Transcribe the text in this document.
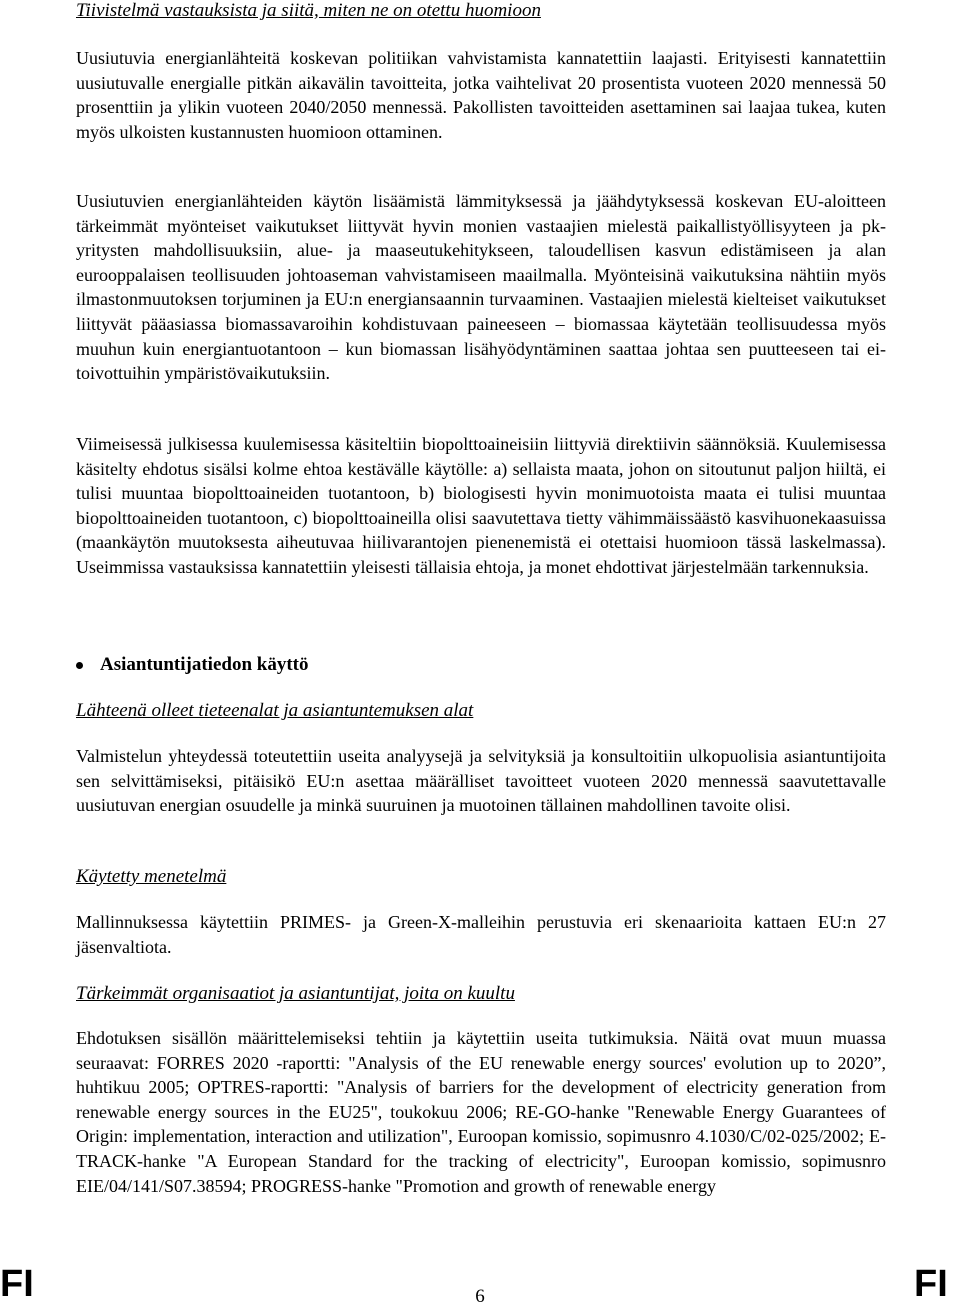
Tiivistelmä vastauksista ja siitä, miten ne on otettu huomioon

Uusiutuvia energianlähteitä koskevan politiikan vahvistamista kannatettiin laajasti. Erityisesti kannatettiin uusiutuvalle energialle pitkän aikavälin tavoitteita, jotka vaihtelivat 20 prosentista vuoteen 2020 mennessä 50 prosenttiin ja ylikin vuoteen 2040/2050 mennessä. Pakollisten tavoitteiden asettaminen sai laajaa tukea, kuten myös ulkoisten kustannusten huomioon ottaminen.

Uusiutuvien energianlähteiden käytön lisäämistä lämmityksessä ja jäähdytyksessä koskevan EU-aloitteen tärkeimmät myönteiset vaikutukset liittyvät hyvin monien vastaajien mielestä paikallistyöllisyyteen ja pk-yritysten mahdollisuuksiin, alue- ja maaseutukehitykseen, taloudellisen kasvun edistämiseen ja alan eurooppalaisen teollisuuden johtoaseman vahvistamiseen maailmalla. Myönteisinä vaikutuksina nähtiin myös ilmastonmuutoksen torjuminen ja EU:n energiansaannin turvaaminen. Vastaajien mielestä kielteiset vaikutukset liittyvät pääasiassa biomassavaroihin kohdistuvaan paineeseen – biomassaa käytetään teollisuudessa myös muuhun kuin energiantuotantoon – kun biomassan lisähyödyntäminen saattaa johtaa sen puutteeseen tai ei-toivottuihin ympäristövaikutuksiin.

Viimeisessä julkisessa kuulemisessa käsiteltiin biopolttoaineisiin liittyviä direktiivin säännöksiä. Kuulemisessa käsitelty ehdotus sisälsi kolme ehtoa kestävälle käytölle: a) sellaista maata, johon on sitoutunut paljon hiiltä, ei tulisi muuntaa biopolttoaineiden tuotantoon, b) biologisesti hyvin monimuotoista maata ei tulisi muuntaa biopolttoaineiden tuotantoon, c) biopolttoaineilla olisi saavutettava tietty vähimmäissäästö kasvihuonekaasuissa (maankäytön muutoksesta aiheutuvaa hiilivarantojen pienenemistä ei otettaisi huomioon tässä laskelmassa). Useimmissa vastauksissa kannatettiin yleisesti tällaisia ehtoja, ja monet ehdottivat järjestelmään tarkennuksia.

Asiantuntijatiedon käyttö

Lähteenä olleet tieteenalat ja asiantuntemuksen alat

Valmistelun yhteydessä toteutettiin useita analyysejä ja selvityksiä ja konsultoitiin ulkopuolisia asiantuntijoita sen selvittämiseksi, pitäisikö EU:n asettaa määrälliset tavoitteet vuoteen 2020 mennessä saavutettavalle uusiutuvan energian osuudelle ja minkä suuruinen ja muotoinen tällainen mahdollinen tavoite olisi.

Käytetty menetelmä

Mallinnuksessa käytettiin PRIMES- ja Green-X-malleihin perustuvia eri skenaarioita kattaen EU:n 27 jäsenvaltiota.

Tärkeimmät organisaatiot ja asiantuntijat, joita on kuultu

Ehdotuksen sisällön määrittelemiseksi tehtiin ja käytettiin useita tutkimuksia. Näitä ovat muun muassa seuraavat: FORRES 2020 -raportti: "Analysis of the EU renewable energy sources' evolution up to 2020”, huhtikuu 2005; OPTRES-raportti: "Analysis of barriers for the development of electricity generation from renewable energy sources in the EU25", toukokuu 2006; RE-GO-hanke "Renewable Energy Guarantees of Origin: implementation, interaction and utilization", Euroopan komissio, sopimusnro 4.1030/C/02-025/2002; E-TRACK-hanke "A European Standard for the tracking of electricity", Euroopan komissio, sopimusnro EIE/04/141/S07.38594; PROGRESS-hanke "Promotion and growth of renewable energy

FI	6	FI
